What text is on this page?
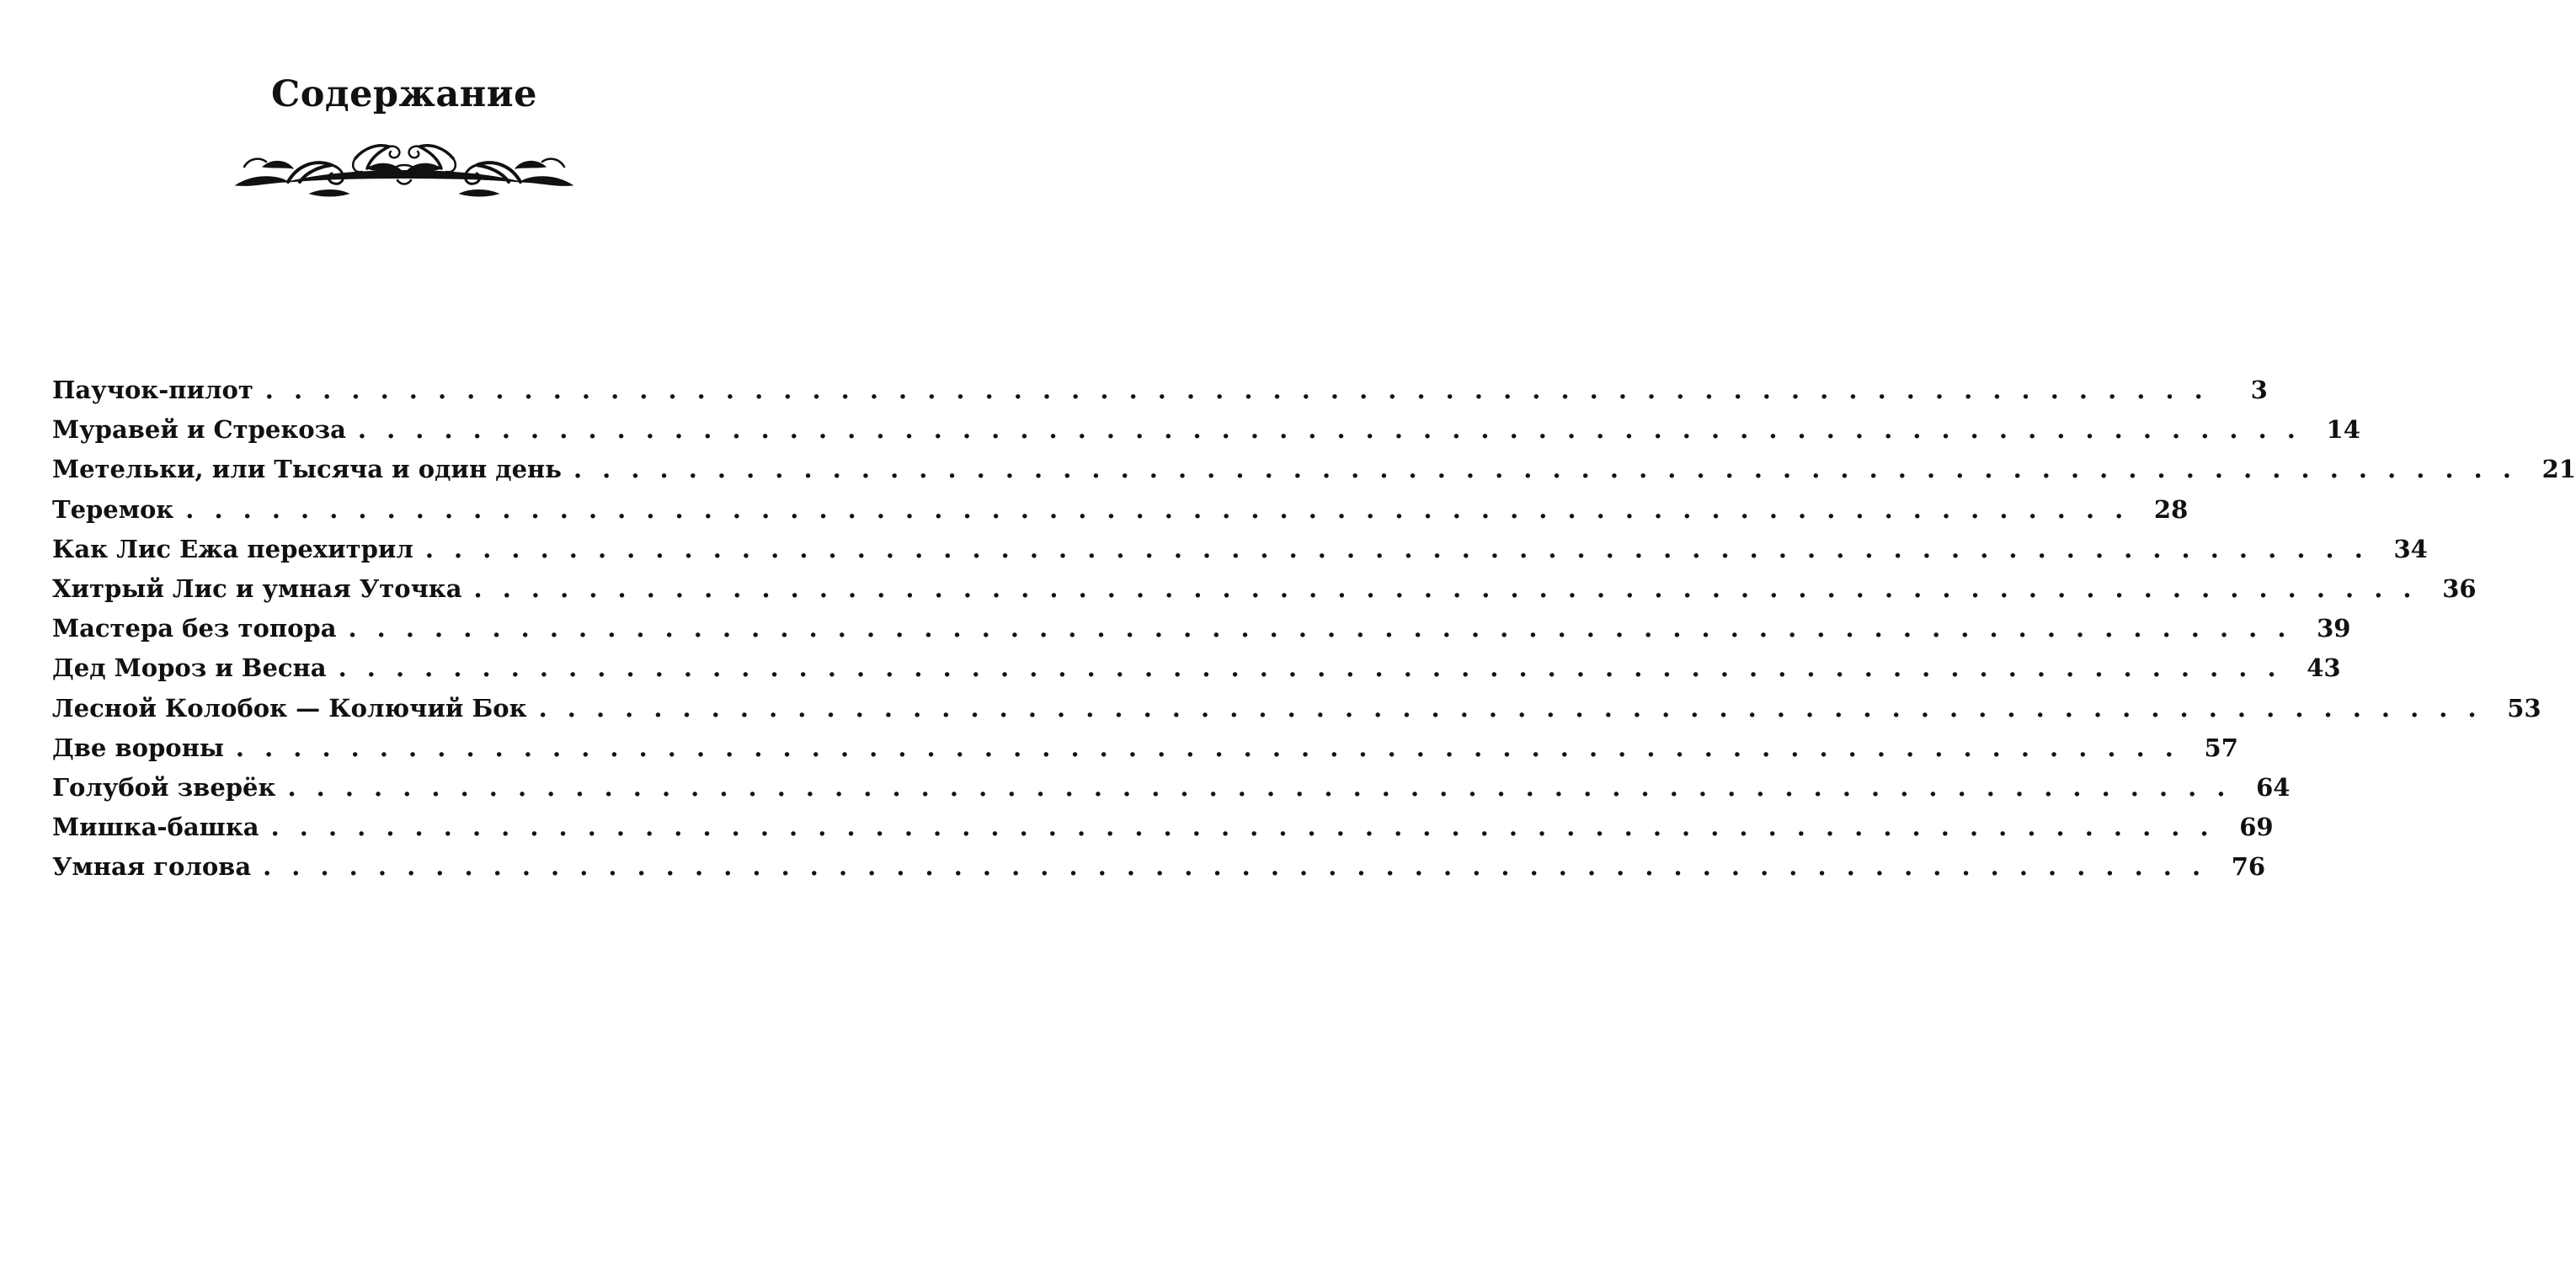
Содержание
Паучок-пилот . . . . . . . . . . . . . . . . . . . . . . . . . . . . . . . . . . . . . . . . . . . . . . . . . . . . . . . . . . . . . . . . . . . .	3
Муравей и Стрекоза . . . . . . . . . . . . . . . . . . . . . . . . . . . . . . . . . . . . . . . . . . . . . . . . . . . . . . . . . . . . . . . . . . . .	14
Метельки, или Тысяча и один день . . . . . . . . . . . . . . . . . . . . . . . . . . . . . . . . . . . . . . . . . . . . . . . . . . . . . . . . . . . . . . . . . . . .	21
Теремок . . . . . . . . . . . . . . . . . . . . . . . . . . . . . . . . . . . . . . . . . . . . . . . . . . . . . . . . . . . . . . . . . . . .	28
Как Лис Ежа перехитрил . . . . . . . . . . . . . . . . . . . . . . . . . . . . . . . . . . . . . . . . . . . . . . . . . . . . . . . . . . . . . . . . . . . .	34
Хитрый Лис и умная Уточка . . . . . . . . . . . . . . . . . . . . . . . . . . . . . . . . . . . . . . . . . . . . . . . . . . . . . . . . . . . . . . . . . . . .	36
Мастера без топора . . . . . . . . . . . . . . . . . . . . . . . . . . . . . . . . . . . . . . . . . . . . . . . . . . . . . . . . . . . . . . . . . . . .	39
Дед Мороз и Весна . . . . . . . . . . . . . . . . . . . . . . . . . . . . . . . . . . . . . . . . . . . . . . . . . . . . . . . . . . . . . . . . . . . .	43
Лесной Колобок — Колючий Бок . . . . . . . . . . . . . . . . . . . . . . . . . . . . . . . . . . . . . . . . . . . . . . . . . . . . . . . . . . . . . . . . . . . .	53
Две вороны . . . . . . . . . . . . . . . . . . . . . . . . . . . . . . . . . . . . . . . . . . . . . . . . . . . . . . . . . . . . . . . . . . . .	57
Голубой зверёк . . . . . . . . . . . . . . . . . . . . . . . . . . . . . . . . . . . . . . . . . . . . . . . . . . . . . . . . . . . . . . . . . . . .	64
Мишка-башка . . . . . . . . . . . . . . . . . . . . . . . . . . . . . . . . . . . . . . . . . . . . . . . . . . . . . . . . . . . . . . . . . . . .	69
Умная голова . . . . . . . . . . . . . . . . . . . . . . . . . . . . . . . . . . . . . . . . . . . . . . . . . . . . . . . . . . . . . . . . . . . .	76
